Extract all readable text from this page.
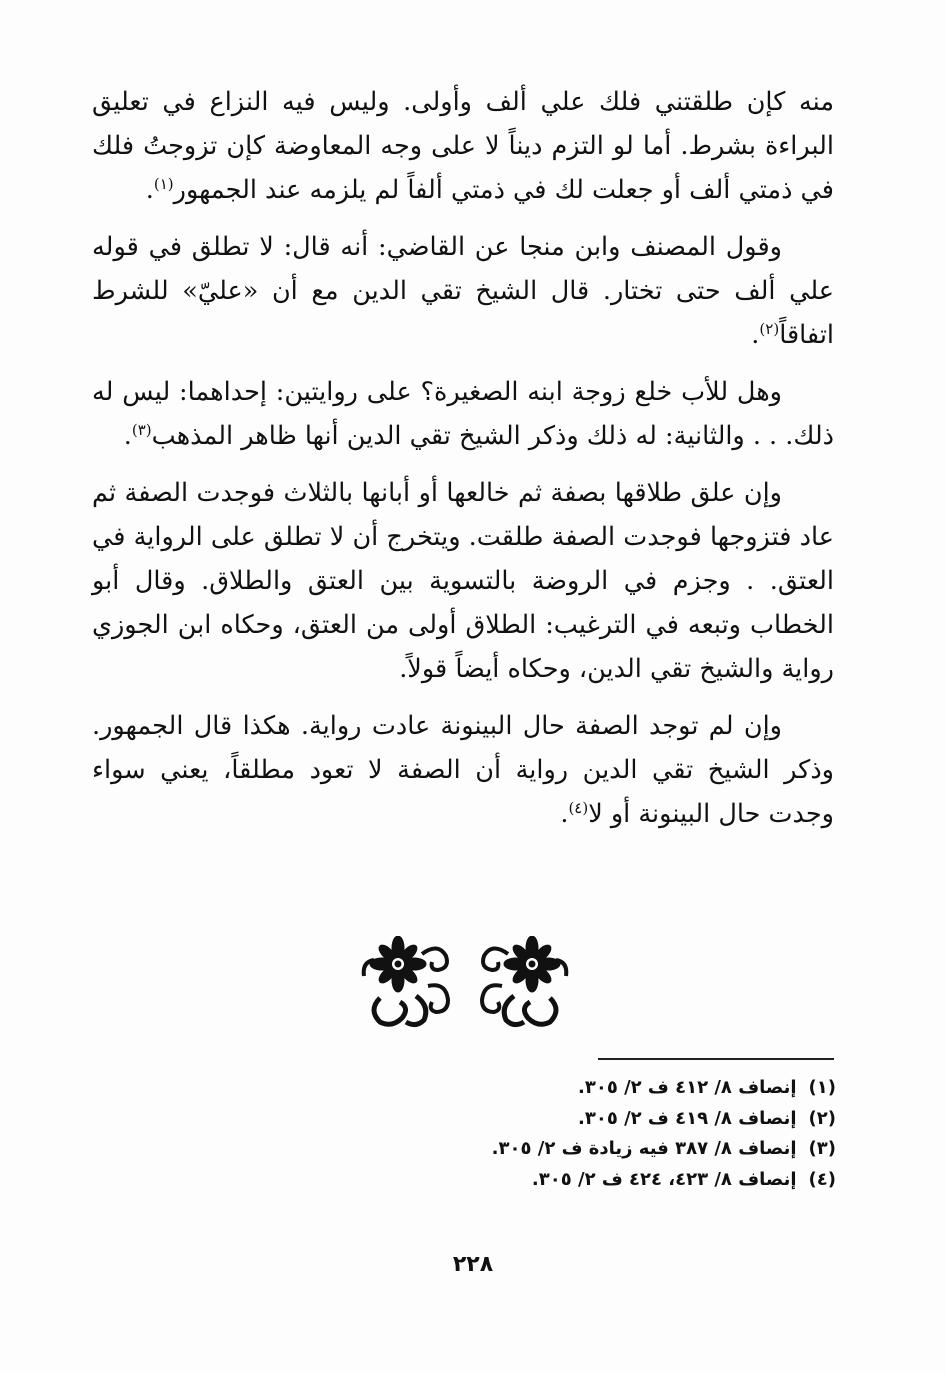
منه كإن طلقتني فلك علي ألف وأولى. وليس فيه النزاع في تعليق البراءة بشرط. أما لو التزم ديناً لا على وجه المعاوضة كإن تزوجتُ فلك في ذمتي ألف أو جعلت لك في ذمتي ألفاً لم يلزمه عند الجمهور$^{(١)}$.

وقول المصنف وابن منجا عن القاضي: أنه قال: لا تطلق في قوله علي ألف حتى تختار. قال الشيخ تقي الدين مع أن «عليّ» للشرط اتفاقاً$^{(٢)}$.

وهل للأب خلع زوجة ابنه الصغيرة؟ على روايتين: إحداهما: ليس له ذلك. . . والثانية: له ذلك وذكر الشيخ تقي الدين أنها ظاهر المذهب$^{(٣)}$.

وإن علق طلاقها بصفة ثم خالعها أو أبانها بالثلاث فوجدت الصفة ثم عاد فتزوجها فوجدت الصفة طلقت. ويتخرج أن لا تطلق على الرواية في العتق. . وجزم في الروضة بالتسوية بين العتق والطلاق. وقال أبو الخطاب وتبعه في الترغيب: الطلاق أولى من العتق، وحكاه ابن الجوزي رواية والشيخ تقي الدين، وحكاه أيضاً قولاً.

وإن لم توجد الصفة حال البينونة عادت رواية. هكذا قال الجمهور. وذكر الشيخ تقي الدين رواية أن الصفة لا تعود مطلقاً، يعني سواء وجدت حال البينونة أو لا$^{(٤)}$.

(١)إنصاف ٨/ ٤١٢ ف ٢/ ٣٠٥.
(٢)إنصاف ٨/ ٤١٩ ف ٢/ ٣٠٥.
(٣)إنصاف ٨/ ٣٨٧ فيه زيادة ف ٢/ ٣٠٥.
(٤)إنصاف ٨/ ٤٢٣، ٤٢٤ ف ٢/ ٣٠٥.
٢٢٨
